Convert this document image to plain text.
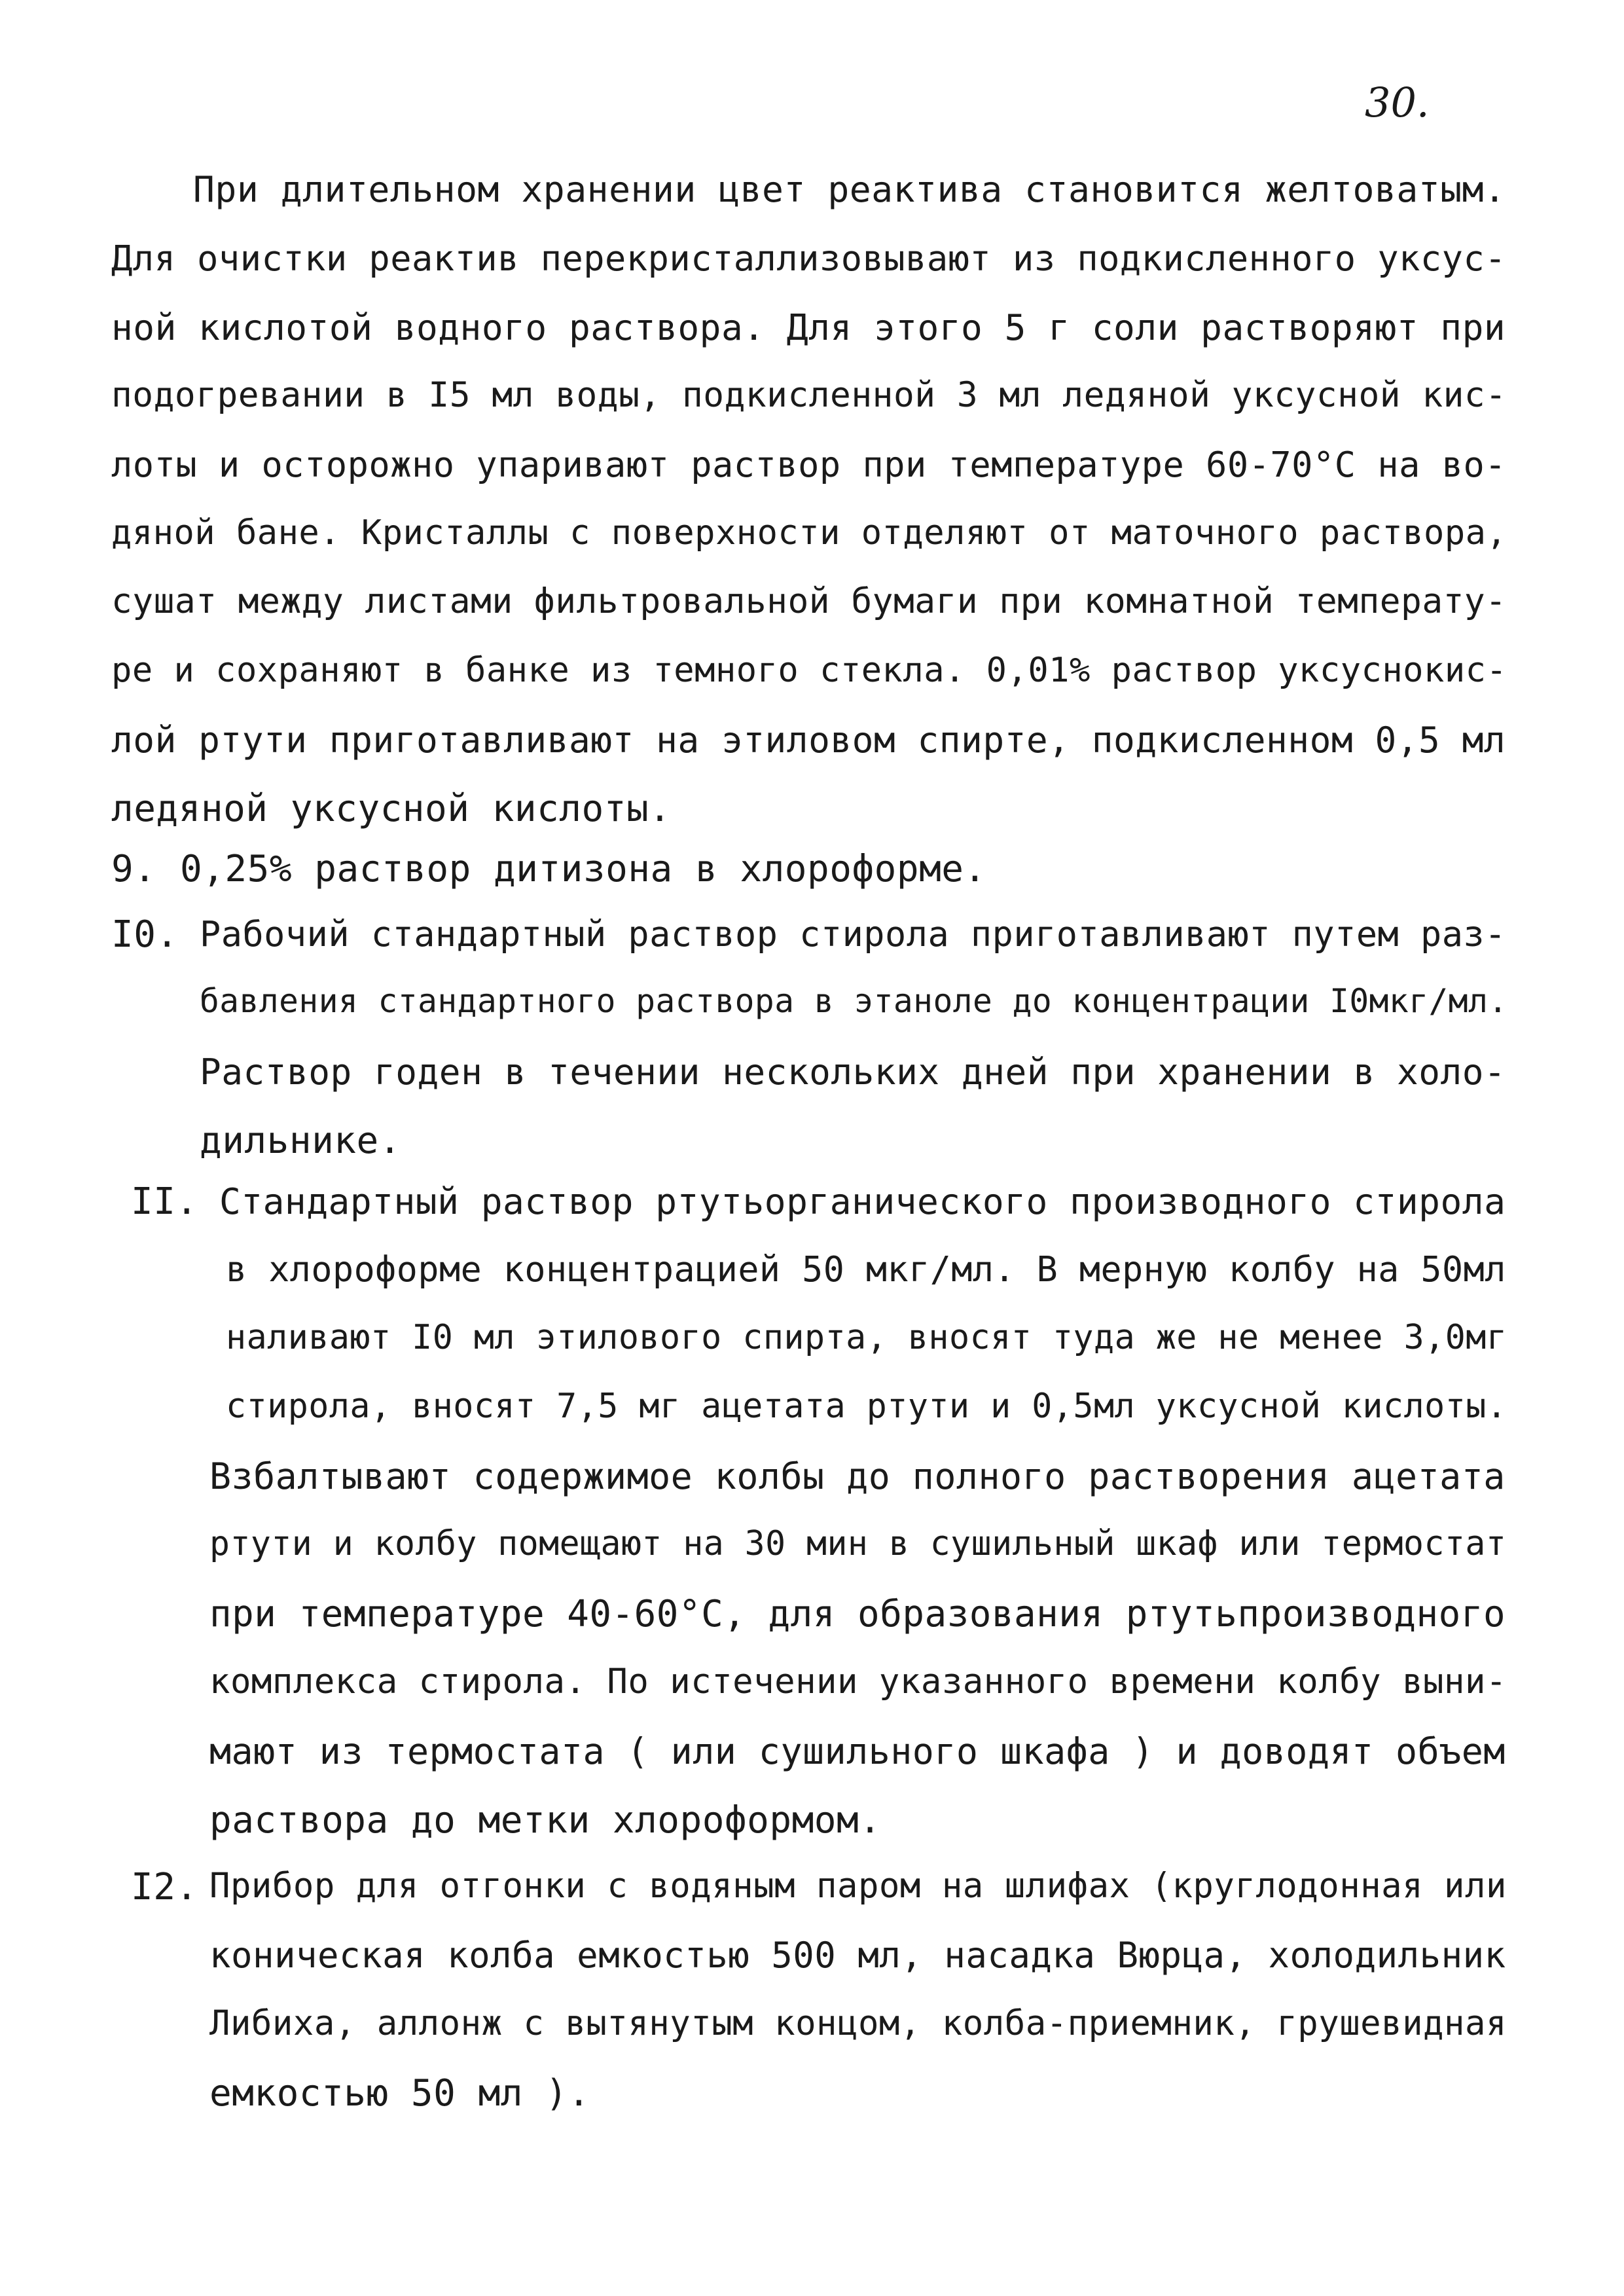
30.
При длительном хранении цвет реактива становится желтоватым.
Для очистки реактив перекристаллизовывают из подкисленного уксус-
ной кислотой водного раствора. Для этого 5 г соли растворяют при
подогревании в I5 мл воды, подкисленной 3 мл ледяной уксусной кис-
лоты и осторожно упаривают раствор при температуре 60-70°С на во-
дяной бане. Кристаллы с поверхности отделяют от маточного раствора,
сушат между листами фильтровальной бумаги при комнатной температу-
ре и сохраняют в банке из темного стекла. 0,01% раствор уксуснокис-
лой ртути приготавливают на этиловом спирте, подкисленном 0,5 мл
ледяной уксусной кислоты.
9. 0,25% раствор дитизона в хлороформе.
I0. Рабочий стандартный раствор стирола приготавливают путем раз-
бавления стандартного раствора в этаноле до концентрации I0мкг/мл.
Раствор годен в течении нескольких дней при хранении в холо-
дильнике.
II. Стандартный раствор ртутьорганического производного стирола
в хлороформе концентрацией 50 мкг/мл. В мерную колбу на 50мл
наливают I0 мл этилового спирта, вносят туда же не менее 3,0мг
стирола, вносят 7,5 мг ацетата ртути и 0,5мл уксусной кислоты.
Взбалтывают содержимое колбы до полного растворения ацетата
ртути и колбу помещают на 30 мин в сушильный шкаф или термостат
при температуре 40-60°С, для образования ртутьпроизводного
комплекса стирола. По истечении указанного времени колбу выни-
мают из термостата ( или сушильного шкафа ) и доводят объем
раствора до метки хлороформом.
I2. Прибор для отгонки с водяным паром на шлифах (круглодонная или
коническая колба емкостью 500 мл, насадка Вюрца, холодильник
Либиха, аллонж с вытянутым концом, колба-приемник, грушевидная
емкостью 50 мл ).
